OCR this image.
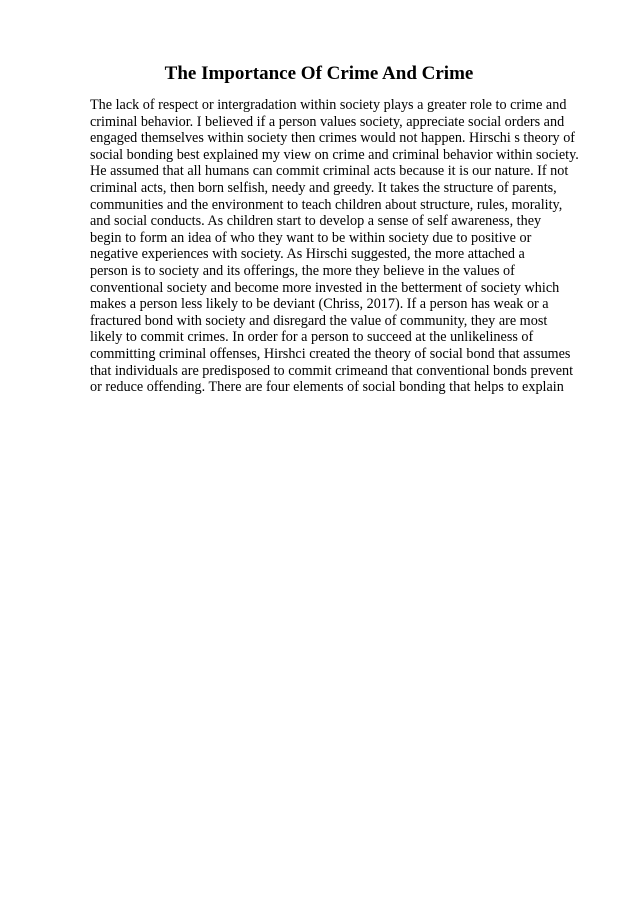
The Importance Of Crime And Crime
The lack of respect or intergradation within society plays a greater role to crime and
criminal behavior. I believed if a person values society, appreciate social orders and
engaged themselves within society then crimes would not happen. Hirschi s theory of
social bonding best explained my view on crime and criminal behavior within society.
He assumed that all humans can commit criminal acts because it is our nature. If not
criminal acts, then born selfish, needy and greedy. It takes the structure of parents,
communities and the environment to teach children about structure, rules, morality,
and social conducts. As children start to develop a sense of self awareness, they
begin to form an idea of who they want to be within society due to positive or
negative experiences with society. As Hirschi suggested, the more attached a
person is to society and its offerings, the more they believe in the values of
conventional society and become more invested in the betterment of society which
makes a person less likely to be deviant (Chriss, 2017). If a person has weak or a
fractured bond with society and disregard the value of community, they are most
likely to commit crimes. In order for a person to succeed at the unlikeliness of
committing criminal offenses, Hirshci created the theory of social bond that assumes
that individuals are predisposed to commit crimeand that conventional bonds prevent
or reduce offending. There are four elements of social bonding that helps to explain
